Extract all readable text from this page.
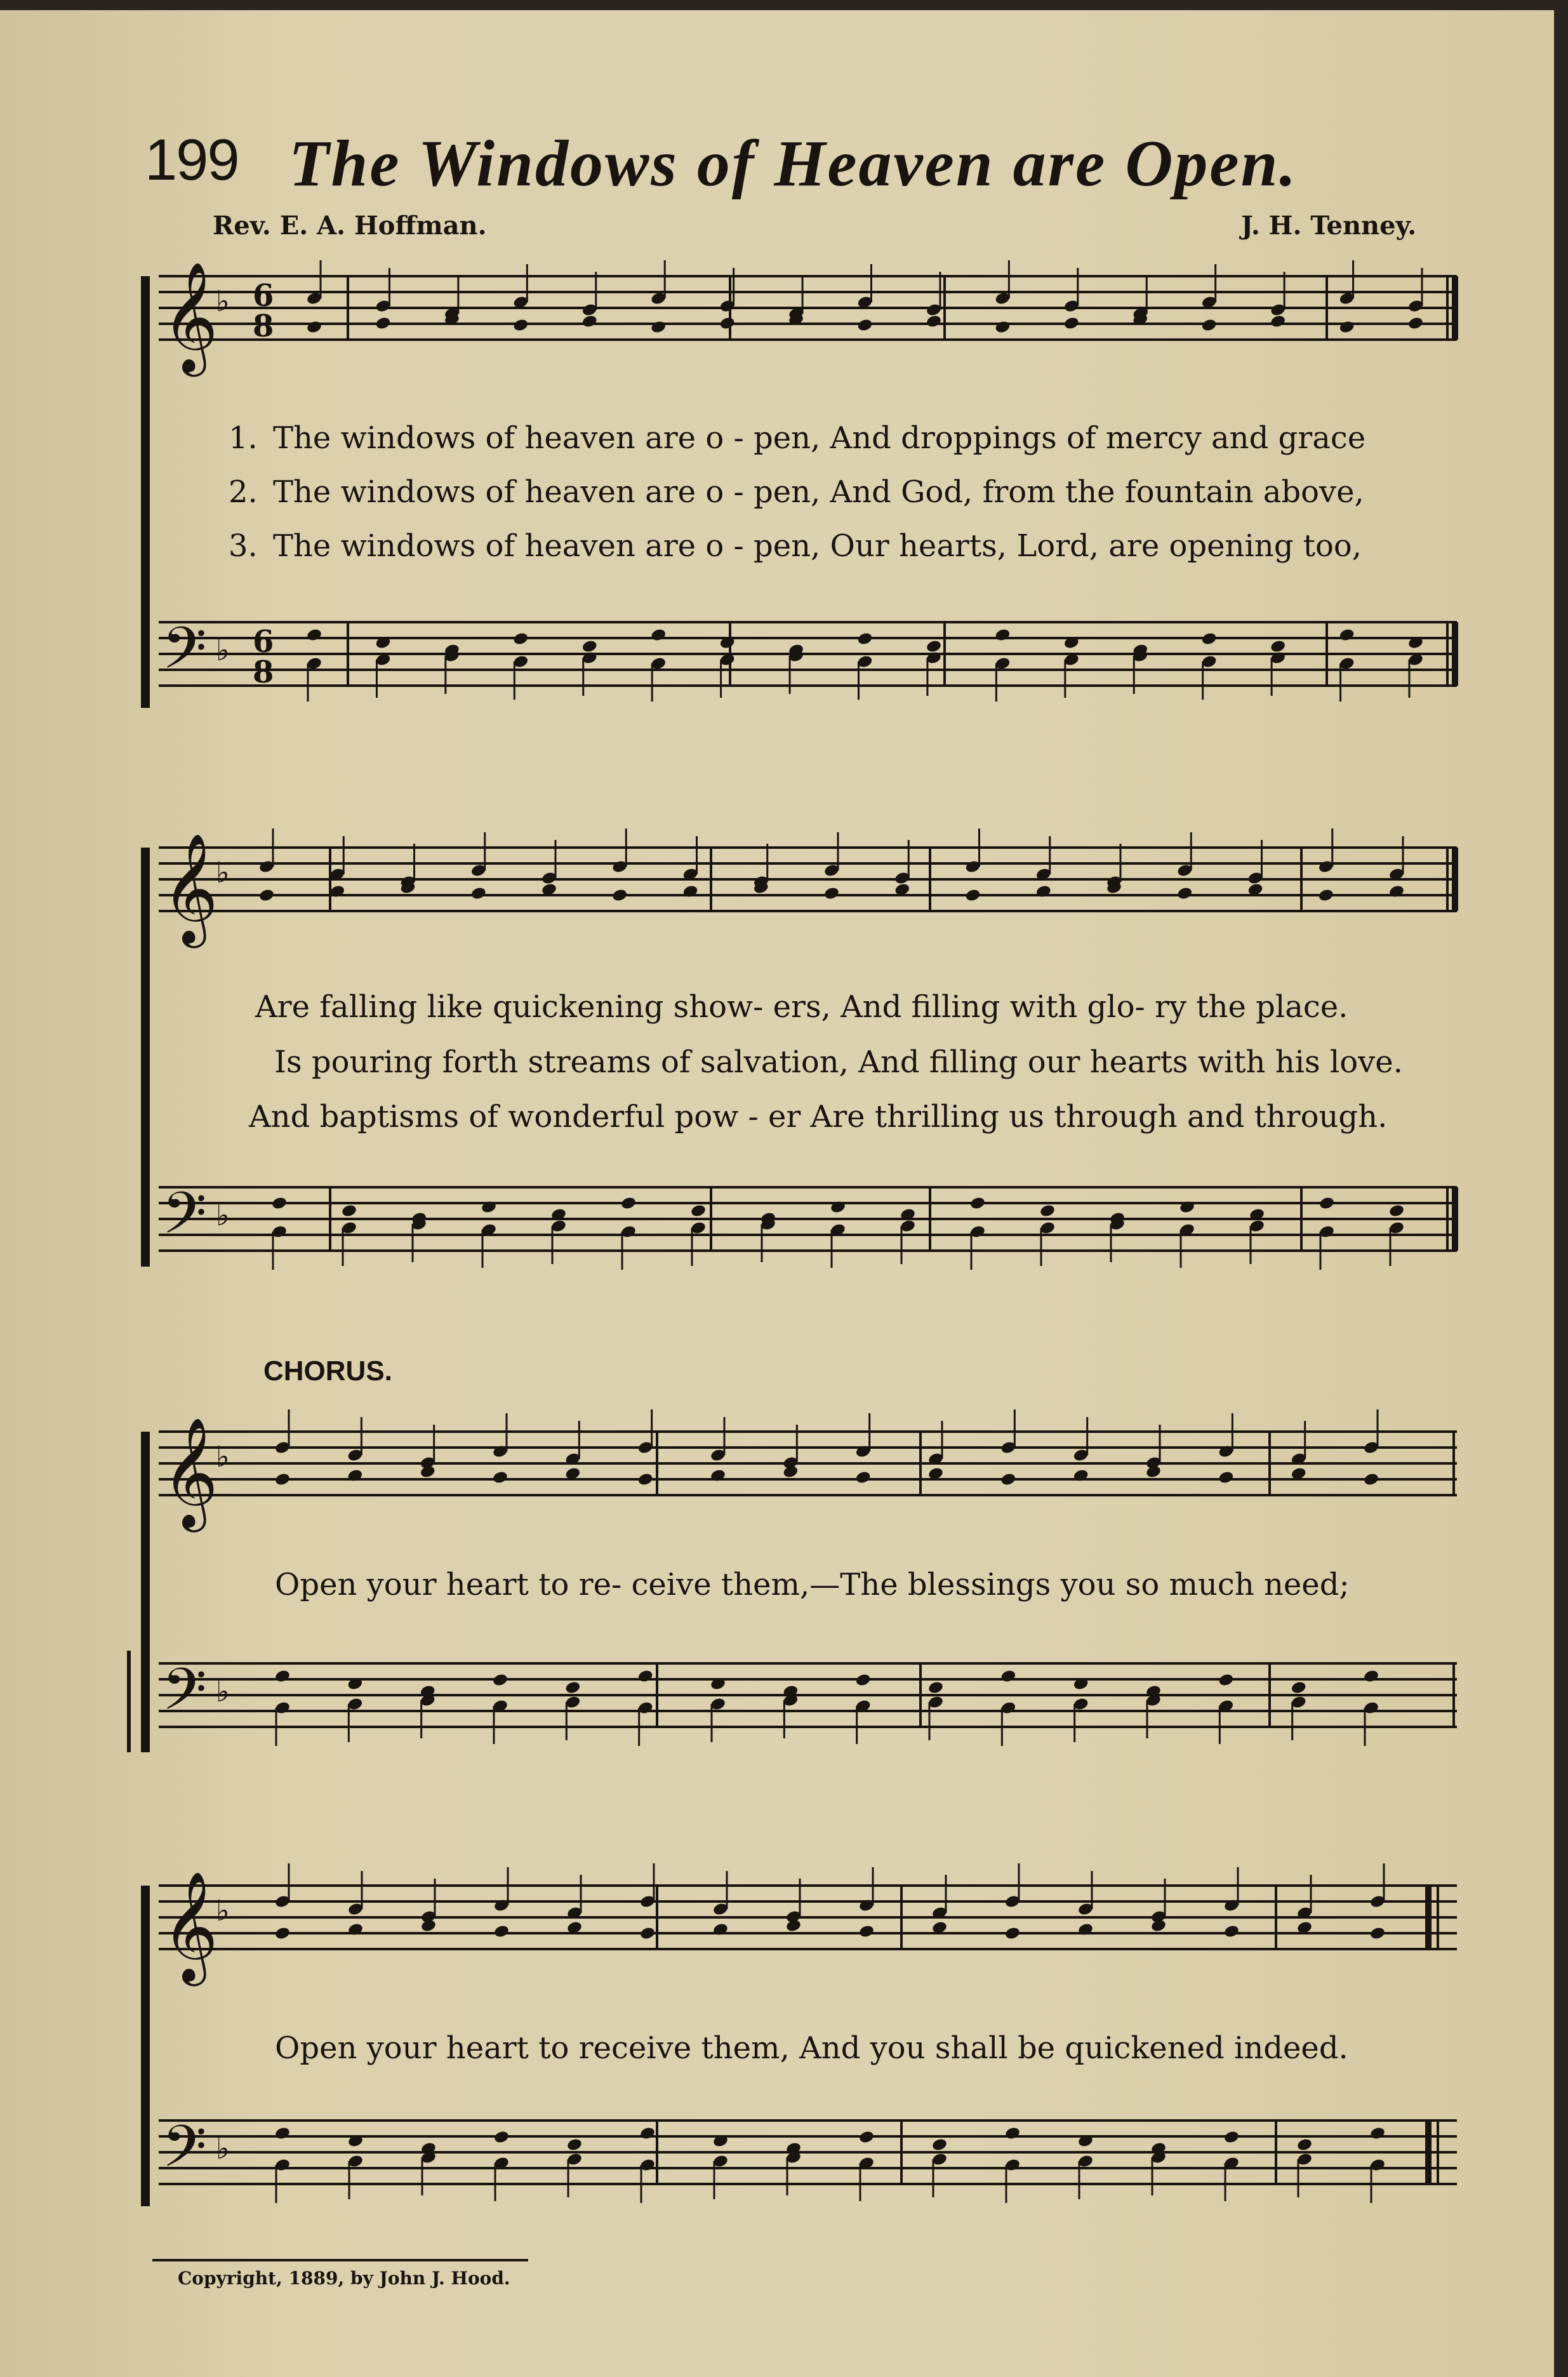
199 The Windows of Heaven are Open.
Rev. E. A. Hoffman.	J. H. Tenney.
𝄞
𝄢
♭
♭
6
8
6
8
1. The windows of heaven are o - pen, And droppings of mercy and grace
2. The windows of heaven are o - pen, And God, from the fountain above,
3. The windows of heaven are o - pen, Our hearts, Lord, are opening too,
𝄞
𝄢
♭
♭
Are falling like quickening show- ers, And filling with glo- ry the place.
Is pouring forth streams of salvation, And filling our hearts with his love.
And baptisms of wonderful pow - er Are thrilling us through and through.
CHORUS.
𝄞
𝄢
♭
♭
Open your heart to re- ceive them,—The blessings you so much need;
𝄞
𝄢
♭
♭
Open your heart to receive them, And you shall be quickened indeed.
Copyright, 1889, by John J. Hood.
